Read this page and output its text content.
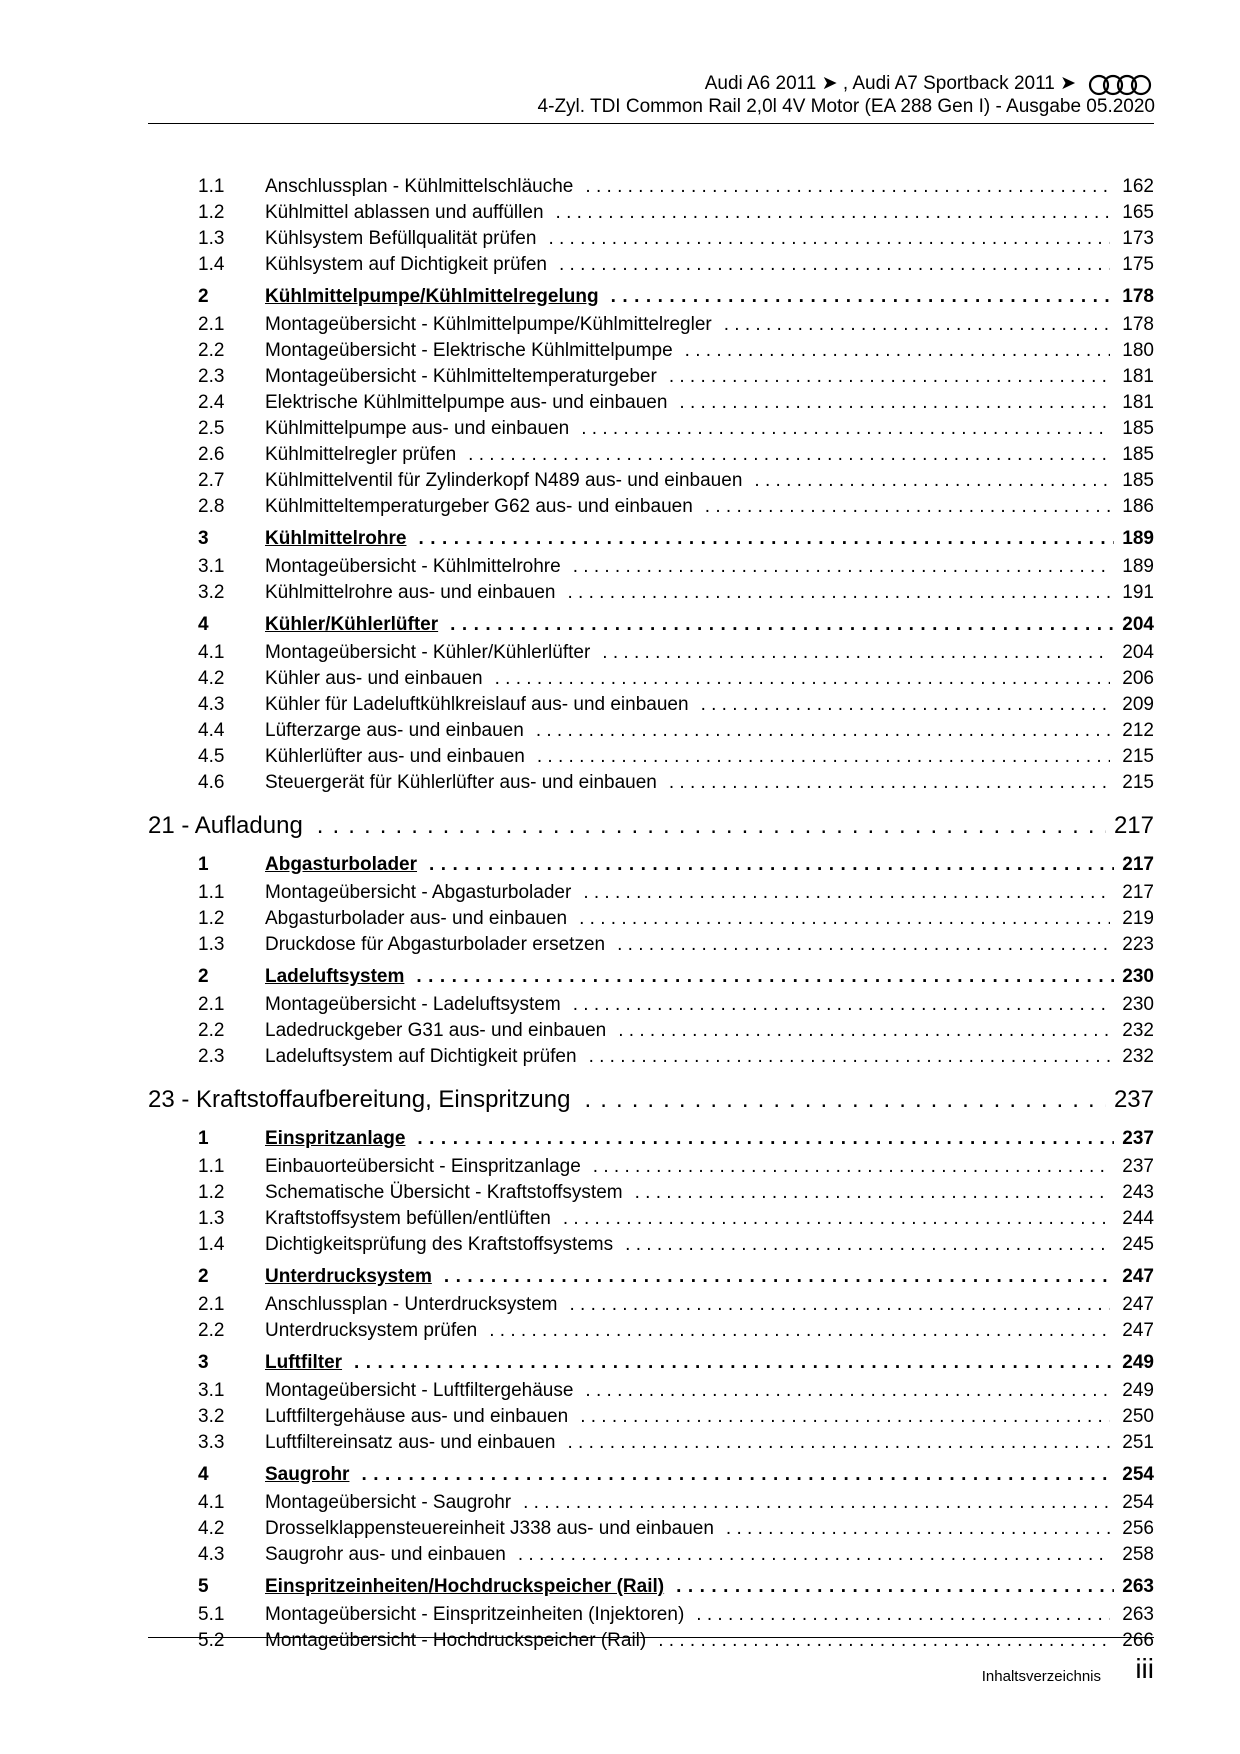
Audi A6 2011 ➤ , Audi A7 Sportback 2011 ➤
4-Zyl. TDI Common Rail 2,0l 4V Motor (EA 288 Gen I) - Ausgabe 05.2020
1.1	Anschlussplan - Kühlmittelschläuche . . .	162
1.2	Kühlmittel ablassen und auffüllen . . .	165
1.3	Kühlsystem Befüllqualität prüfen . . .	173
1.4	Kühlsystem auf Dichtigkeit prüfen . . .	175
2	Kühlmittelpumpe/Kühlmittelregelung . . .	178
2.1	Montageübersicht - Kühlmittelpumpe/Kühlmittelregler . . .	178
2.2	Montageübersicht - Elektrische Kühlmittelpumpe . . .	180
2.3	Montageübersicht - Kühlmitteltemperaturgeber . . .	181
2.4	Elektrische Kühlmittelpumpe aus- und einbauen . . .	181
2.5	Kühlmittelpumpe aus- und einbauen . . .	185
2.6	Kühlmittelregler prüfen . . .	185
2.7	Kühlmittelventil für Zylinderkopf N489 aus- und einbauen . . .	185
2.8	Kühlmitteltemperaturgeber G62 aus- und einbauen . . .	186
3	Kühlmittelrohre . . .	189
3.1	Montageübersicht - Kühlmittelrohre . . .	189
3.2	Kühlmittelrohre aus- und einbauen . . .	191
4	Kühler/Kühlerlüfter . . .	204
4.1	Montageübersicht - Kühler/Kühlerlüfter . . .	204
4.2	Kühler aus- und einbauen . . .	206
4.3	Kühler für Ladeluftkühlkreislauf aus- und einbauen . . .	209
4.4	Lüfterzarge aus- und einbauen . . .	212
4.5	Kühlerlüfter aus- und einbauen . . .	215
4.6	Steuergerät für Kühlerlüfter aus- und einbauen . . .	215
21 - Aufladung . . .	217
1	Abgasturbolader . . .	217
1.1	Montageübersicht - Abgasturbolader . . .	217
1.2	Abgasturbolader aus- und einbauen . . .	219
1.3	Druckdose für Abgasturbolader ersetzen . . .	223
2	Ladeluftsystem . . .	230
2.1	Montageübersicht - Ladeluftsystem . . .	230
2.2	Ladedruckgeber G31 aus- und einbauen . . .	232
2.3	Ladeluftsystem auf Dichtigkeit prüfen . . .	232
23 - Kraftstoffaufbereitung, Einspritzung . . .	237
1	Einspritzanlage . . .	237
1.1	Einbauorteübersicht - Einspritzanlage . . .	237
1.2	Schematische Übersicht - Kraftstoffsystem . . .	243
1.3	Kraftstoffsystem befüllen/entlüften . . .	244
1.4	Dichtigkeitsprüfung des Kraftstoffsystems . . .	245
2	Unterdrucksystem . . .	247
2.1	Anschlussplan - Unterdrucksystem . . .	247
2.2	Unterdrucksystem prüfen . . .	247
3	Luftfilter . . .	249
3.1	Montageübersicht - Luftfiltergehäuse . . .	249
3.2	Luftfiltergehäuse aus- und einbauen . . .	250
3.3	Luftfiltereinsatz aus- und einbauen . . .	251
4	Saugrohr . . .	254
4.1	Montageübersicht - Saugrohr . . .	254
4.2	Drosselklappensteuereinheit J338 aus- und einbauen . . .	256
4.3	Saugrohr aus- und einbauen . . .	258
5	Einspritzeinheiten/Hochdruckspeicher (Rail) . . .	263
5.1	Montageübersicht - Einspritzeinheiten (Injektoren) . . .	263
5.2	Montageübersicht - Hochdruckspeicher (Rail) . . .	266
Inhaltsverzeichnis iii
